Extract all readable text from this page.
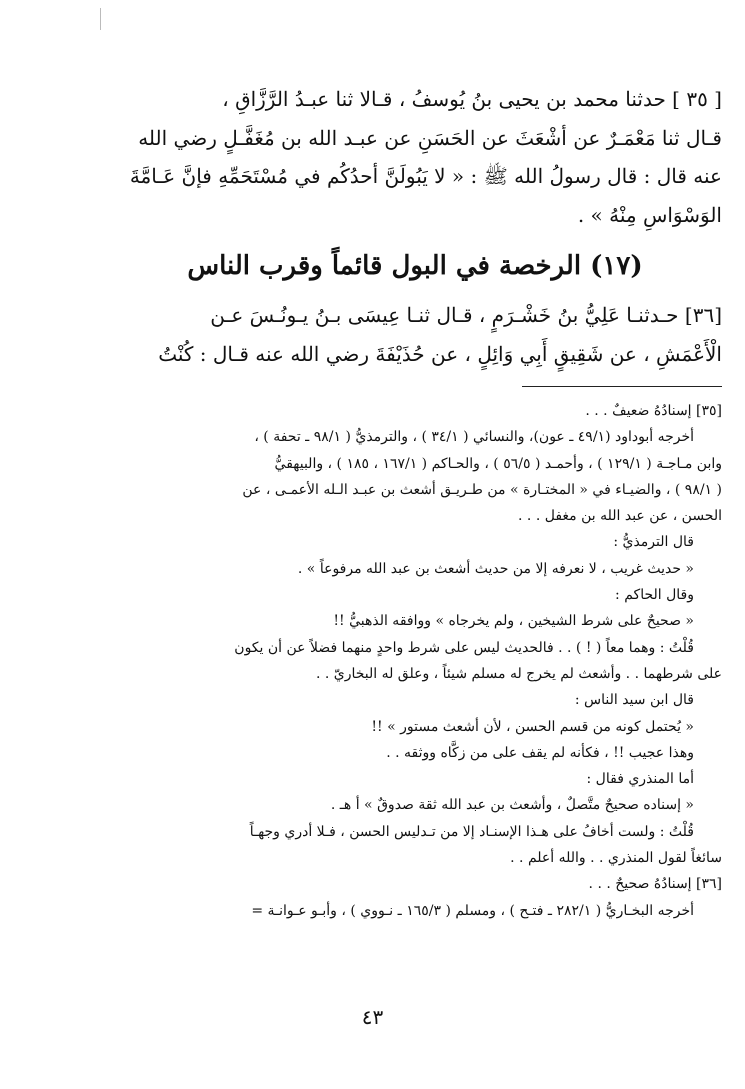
[ ٣٥ ] حدثنا محمد بن يحيى بنُ يُوسفُ ، قـالا ثنا عبـدُ الرَّزَّاقِ ،
قـال ثنا مَعْمَـرٌ عن أشْعَثَ عن الحَسَنِ عن عبـد الله بن مُغَفَّـلٍ رضي الله
عنه قال : قال رسولُ الله ﷺ : « لا يَبُولَنَّ أحدُكُم في مُسْتَحَمِّهِ فإنَّ عَـامَّةَ
الوَسْوَاسِ مِنْهُ » .
(١٧) الرخصة في البول قائماً وقرب الناس
[٣٦] حـدثنـا عَلِيُّ بنُ خَشْـرَمٍ ، قـال ثنـا عِيسَى بـنُ يـونُـسَ عـن
الْأَعْمَشِ ، عن شَقِيقٍ أَبِي وَائِلٍ ، عن حُذَيْفَةَ رضي الله عنه قـال : كُنْتُ
[٣٥] إسنادُهُ ضعيفٌ . . .
أخرجه أبوداود (٤٩/١ ـ عون)، والنسائي ( ٣٤/١ ) ، والترمذيُّ ( ٩٨/١ ـ تحفة ) ،
وابن مـاجـة ( ١٢٩/١ ) ، وأحمـد ( ٥٦/٥ ) ، والحـاكم ( ١٦٧/١ ، ١٨٥ ) ، والبيهقيُّ
( ٩٨/١ ) ، والضيـاء في « المختـارة » من طـريـق أشعث بن عبـد الـله الأعمـى ، عن
الحسن ، عن عبد الله بن مغفل . . .
قال الترمذيُّ :
« حديث غريب ، لا نعرفه إلا من حديث أشعث بن عبد الله مرفوعاً » .
وقال الحاكم :
« صحيحٌ على شرط الشيخين ، ولم يخرجاه » ووافقه الذهبيُّ !!
قُلْتُ : وهما معاً ( ! ) . . فالحديث ليس على شرط واحدٍ منهما فضلاً عن أن يكون
على شرطهما . . وأشعث لم يخرج له مسلم شيئاً ، وعلق له البخاريّ . .
قال ابن سيد الناس :
« يُحتمل كونه من قسم الحسن ، لأن أشعث مستور » !!
وهذا عجيب !! ، فكأنه لم يقف على من زكَّاه ووثقه . .
أما المنذري فقال :
« إسناده صحيحٌ متَّصلٌ ، وأشعث بن عبد الله ثقة صدوقٌ » أ هـ .
قُلْتُ : ولست أخافُ على هـذا الإسنـاد إلا من تـدليس الحسن ، فـلا أدري وجهـاً
سائغاً لقول المنذري . . والله أعلم . .
[٣٦] إسنادُهُ صحيحٌ . . .
أخرجه البخـاريُّ ( ٢٨٢/١ ـ فتـح ) ، ومسلم ( ١٦٥/٣ ـ نـووي ) ، وأبـو عـوانـة =
٤٣
